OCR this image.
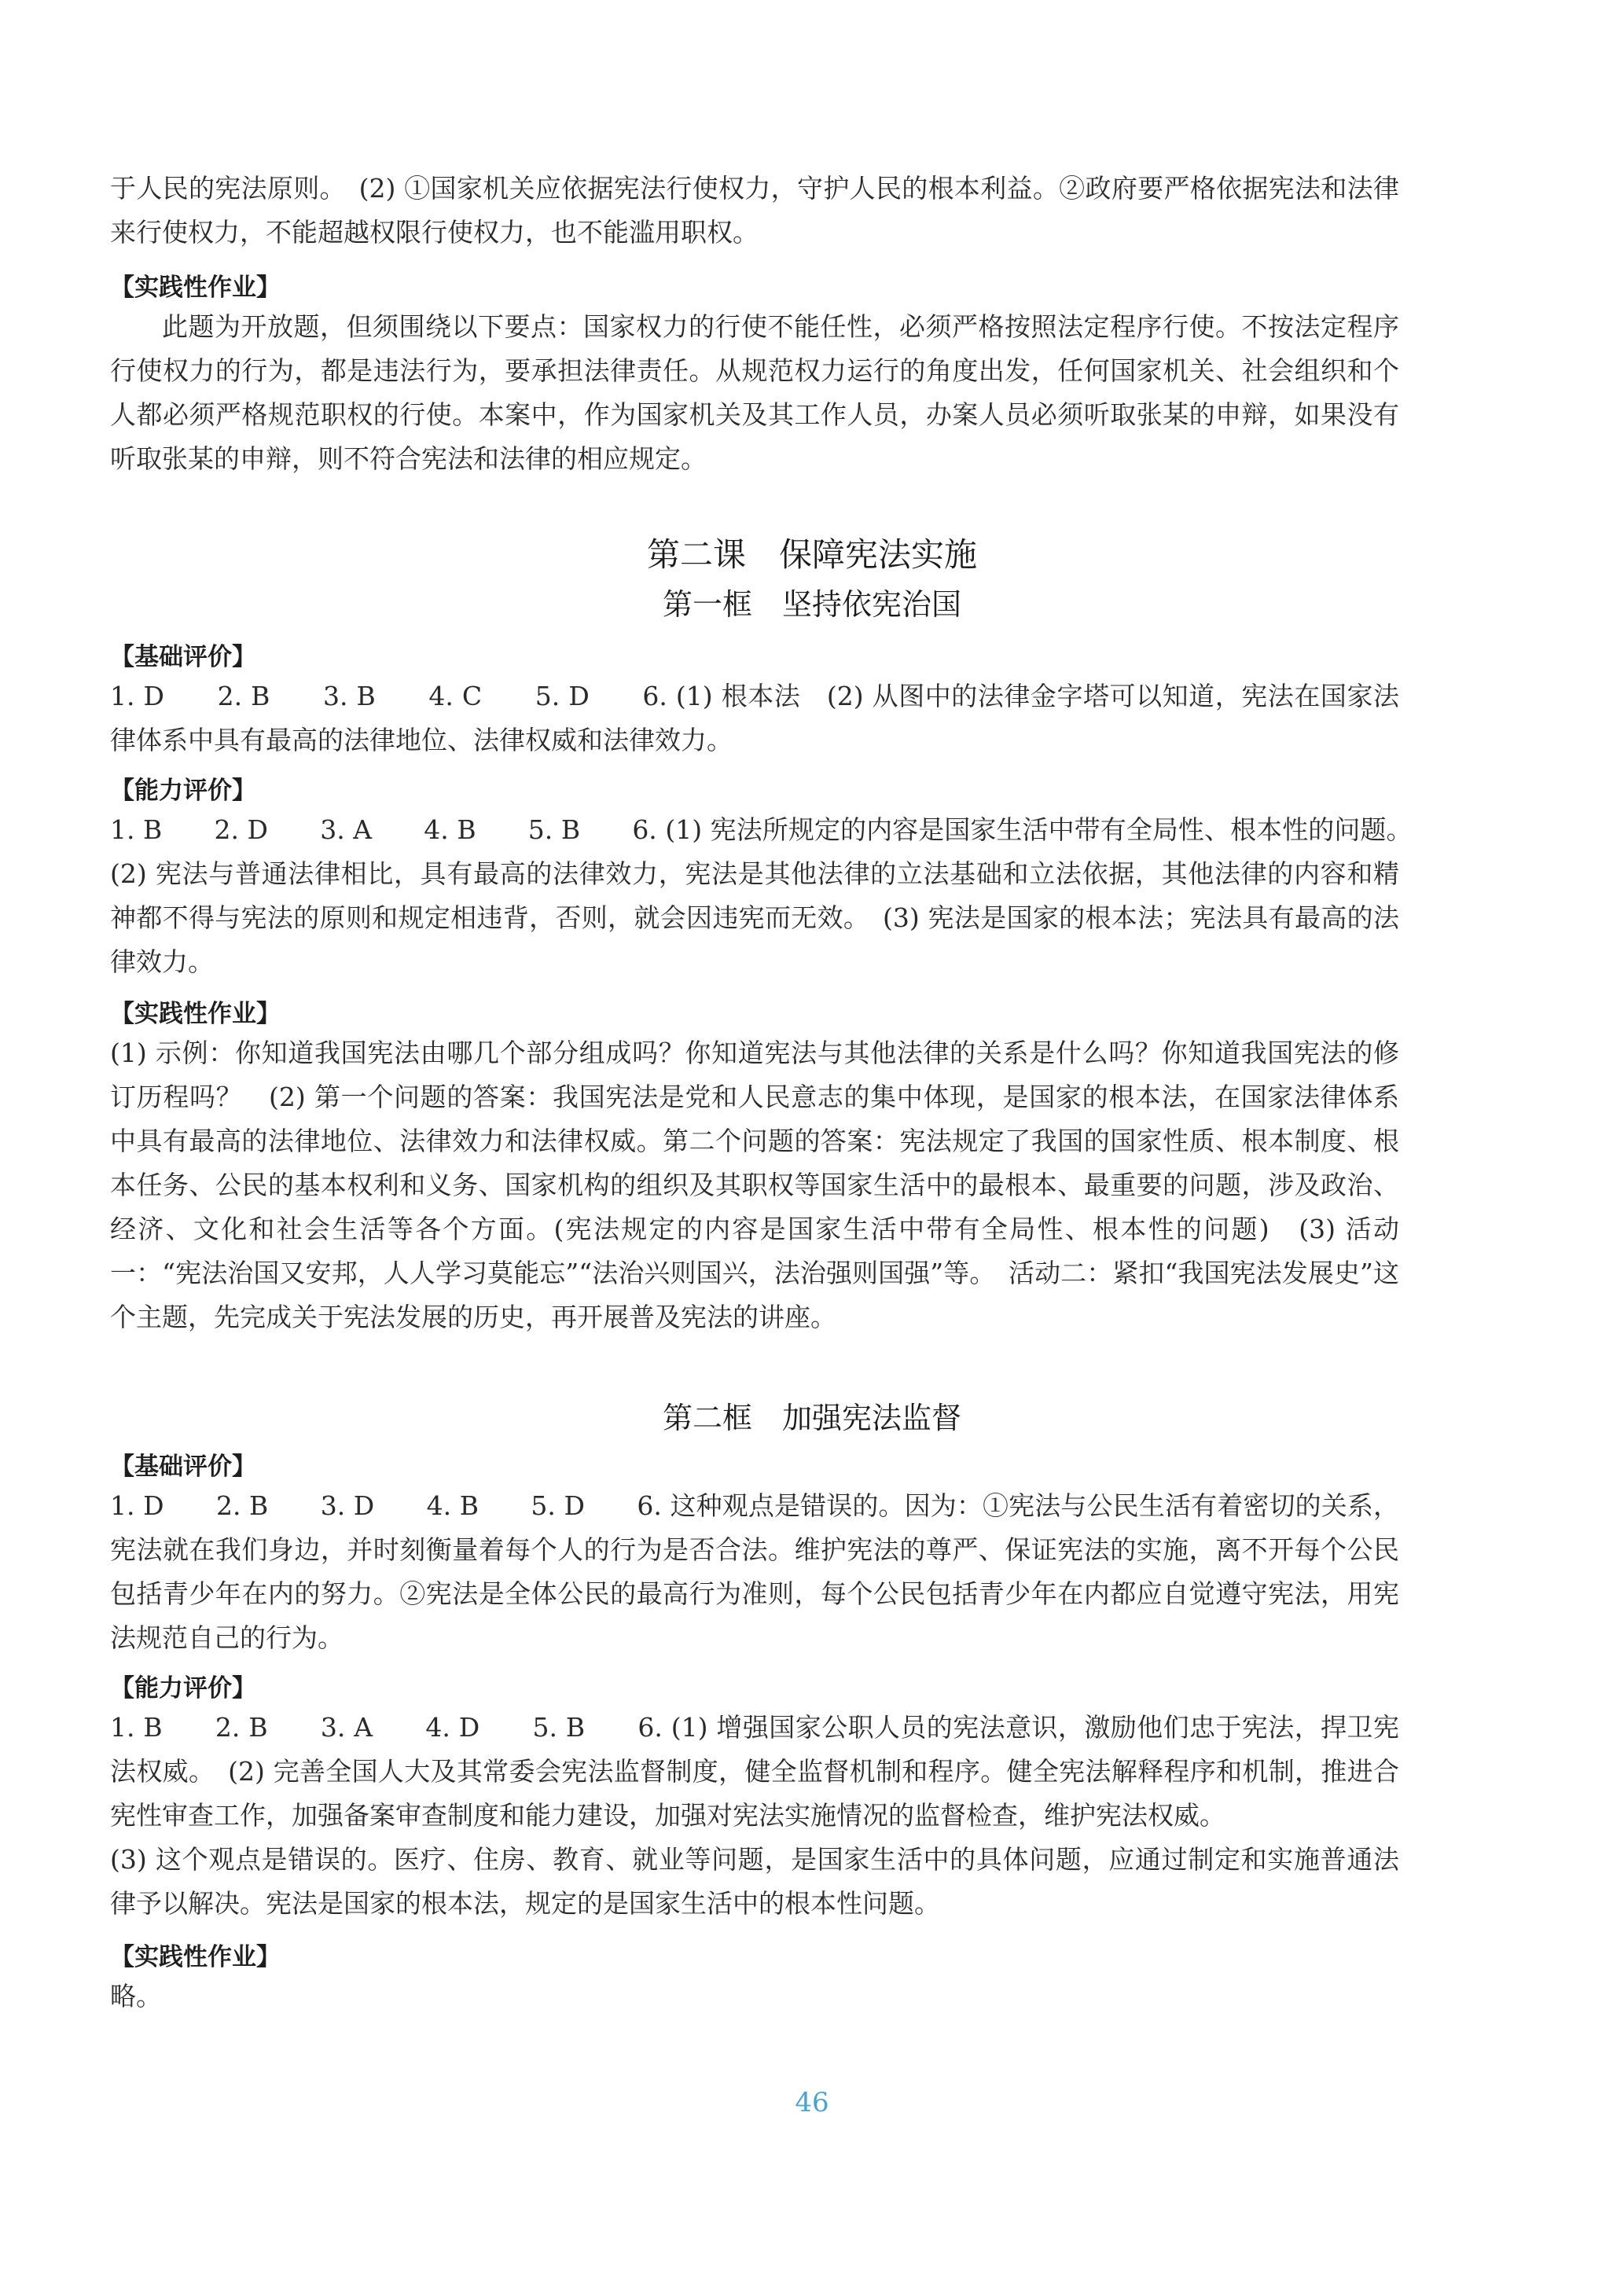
于人民的宪法原则。　(2) ①国家机关应依据宪法行使权力，守护人民的根本利益。②政府要严格依据宪法和法律来行使权力，不能超越权限行使权力，也不能滥用职权。

【实践性作业】

此题为开放题，但须围绕以下要点：国家权力的行使不能任性，必须严格按照法定程序行使。不按法定程序行使权力的行为，都是违法行为，要承担法律责任。从规范权力运行的角度出发，任何国家机关、社会组织和个人都必须严格规范职权的行使。本案中，作为国家机关及其工作人员，办案人员必须听取张某的申辩，如果没有听取张某的申辩，则不符合宪法和法律的相应规定。

第二课　保障宪法实施

第一框　坚持依宪治国

【基础评价】

1. D　　2. B　　3. B　　4. C　　5. D　　6. (1) 根本法　(2) 从图中的法律金字塔可以知道，宪法在国家法律体系中具有最高的法律地位、法律权威和法律效力。

【能力评价】

1. B　　2. D　　3. A　　4. B　　5. B　　6. (1) 宪法所规定的内容是国家生活中带有全局性、根本性的问题。　(2) 宪法与普通法律相比，具有最高的法律效力，宪法是其他法律的立法基础和立法依据，其他法律的内容和精神都不得与宪法的原则和规定相违背，否则，就会因违宪而无效。　(3) 宪法是国家的根本法；宪法具有最高的法律效力。

【实践性作业】

(1) 示例：你知道我国宪法由哪几个部分组成吗？你知道宪法与其他法律的关系是什么吗？你知道我国宪法的修订历程吗？　(2) 第一个问题的答案：我国宪法是党和人民意志的集中体现，是国家的根本法，在国家法律体系中具有最高的法律地位、法律效力和法律权威。第二个问题的答案：宪法规定了我国的国家性质、根本制度、根本任务、公民的基本权利和义务、国家机构的组织及其职权等国家生活中的最根本、最重要的问题，涉及政治、经济、文化和社会生活等各个方面。(宪法规定的内容是国家生活中带有全局性、根本性的问题)　(3) 活动一：“宪法治国又安邦，人人学习莫能忘”“法治兴则国兴，法治强则国强”等。　活动二：紧扣“我国宪法发展史”这个主题，先完成关于宪法发展的历史，再开展普及宪法的讲座。

第二框　加强宪法监督

【基础评价】

1. D　　2. B　　3. D　　4. B　　5. D　　6. 这种观点是错误的。因为：①宪法与公民生活有着密切的关系，宪法就在我们身边，并时刻衡量着每个人的行为是否合法。维护宪法的尊严、保证宪法的实施，离不开每个公民包括青少年在内的努力。②宪法是全体公民的最高行为准则，每个公民包括青少年在内都应自觉遵守宪法，用宪法规范自己的行为。

【能力评价】

1. B　　2. B　　3. A　　4. D　　5. B　　6. (1) 增强国家公职人员的宪法意识，激励他们忠于宪法，捍卫宪法权威。　(2) 完善全国人大及其常委会宪法监督制度，健全监督机制和程序。健全宪法解释程序和机制，推进合宪性审查工作，加强备案审查制度和能力建设，加强对宪法实施情况的监督检查，维护宪法权威。

(3) 这个观点是错误的。医疗、住房、教育、就业等问题，是国家生活中的具体问题，应通过制定和实施普通法律予以解决。宪法是国家的根本法，规定的是国家生活中的根本性问题。

【实践性作业】

略。

46
